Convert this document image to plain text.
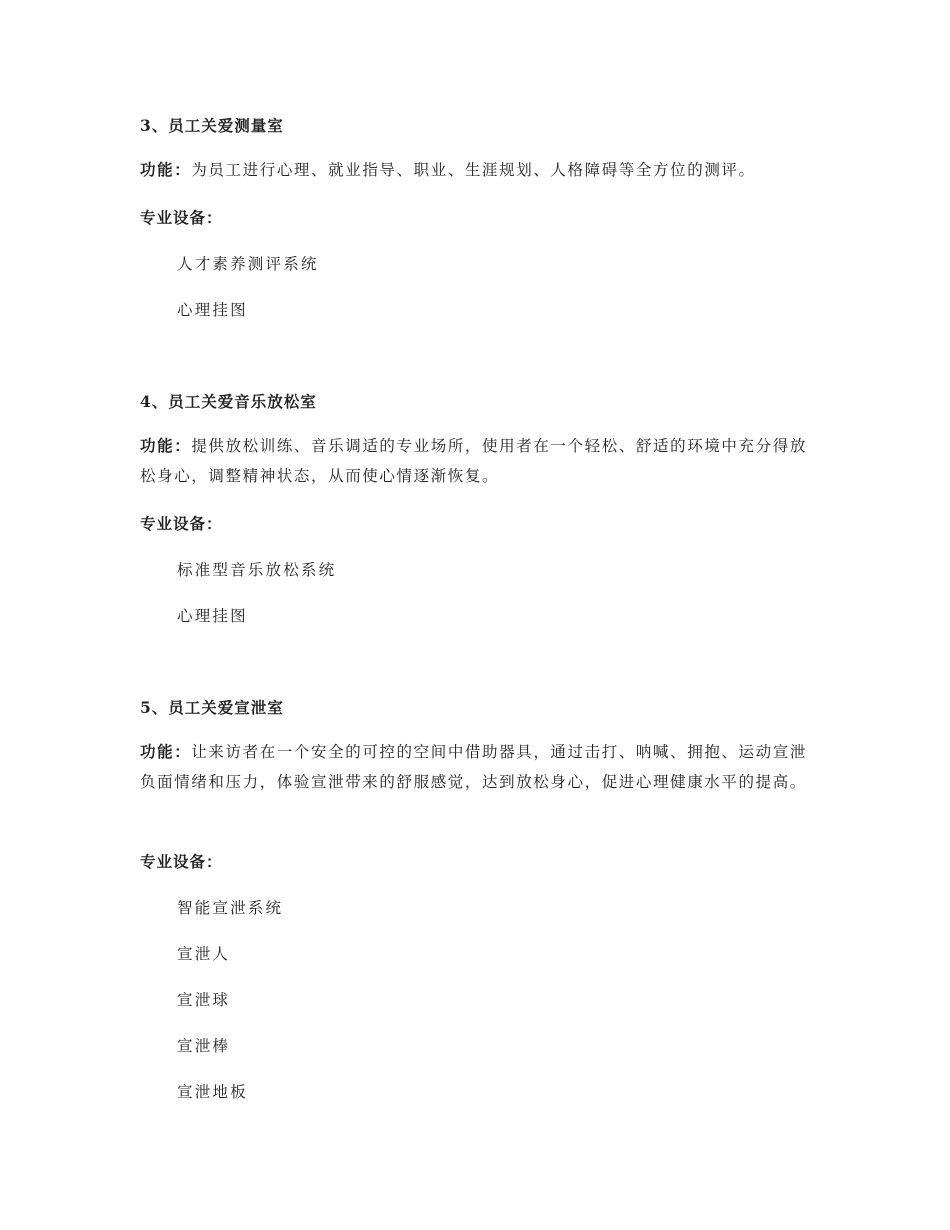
3、员工关爱测量室
功能：为员工进行心理、就业指导、职业、生涯规划、人格障碍等全方位的测评。
专业设备：
人才素养测评系统
心理挂图
4、员工关爱音乐放松室
功能：提供放松训练、音乐调适的专业场所，使用者在一个轻松、舒适的环境中充分得放松身心，调整精神状态，从而使心情逐渐恢复。
专业设备：
标准型音乐放松系统
心理挂图
5、员工关爱宣泄室
功能：让来访者在一个安全的可控的空间中借助器具，通过击打、呐喊、拥抱、运动宣泄负面情绪和压力，体验宣泄带来的舒服感觉，达到放松身心，促进心理健康水平的提高。
专业设备：
智能宣泄系统
宣泄人
宣泄球
宣泄棒
宣泄地板
